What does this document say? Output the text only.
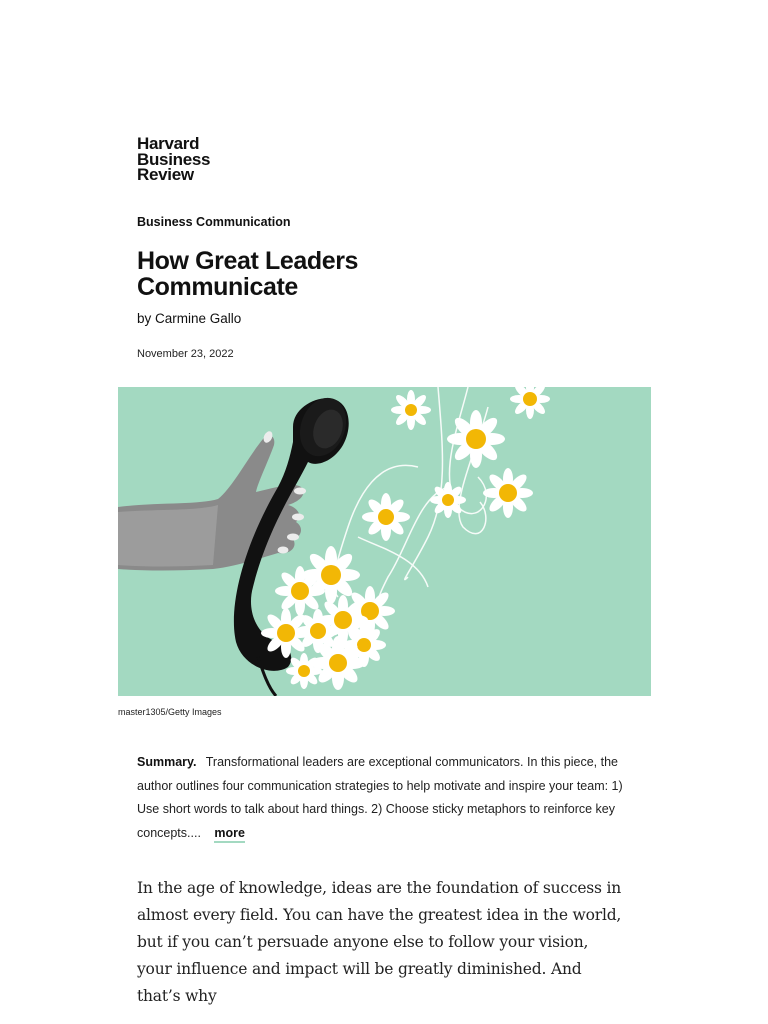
Harvard
Business
Review
Business Communication
How Great Leaders Communicate
by Carmine Gallo
November 23, 2022
master1305/Getty Images
Summary. Transformational leaders are exceptional communicators. In this piece, the author outlines four communication strategies to help motivate and inspire your team: 1) Use short words to talk about hard things. 2) Choose sticky metaphors to reinforce key concepts.... more

In the age of knowledge, ideas are the foundation of success in almost every field. You can have the greatest idea in the world, but if you can’t persuade anyone else to follow your vision, your influence and impact will be greatly diminished. And that’s why
